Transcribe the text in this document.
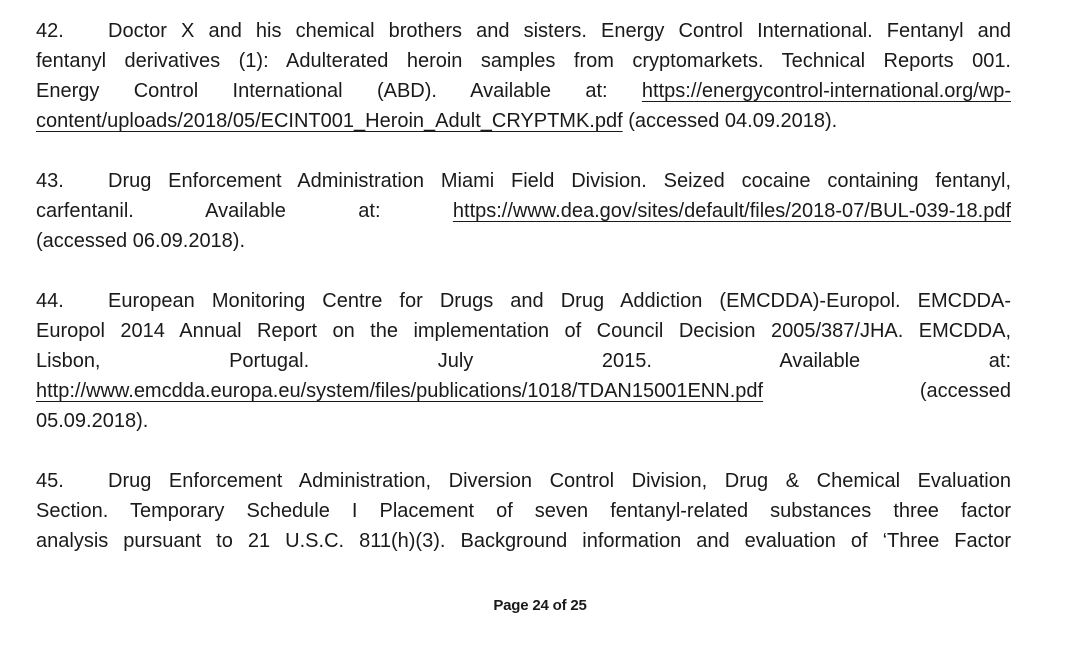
42. Doctor X and his chemical brothers and sisters. Energy Control International. Fentanyl and
fentanyl derivatives (1): Adulterated heroin samples from cryptomarkets. Technical Reports 001.
Energy Control International (ABD). Available at: https://energycontrol-international.org/wp-
content/uploads/2018/05/ECINT001_Heroin_Adult_CRYPTMK.pdf (accessed 04.09.2018).
43. Drug Enforcement Administration Miami Field Division. Seized cocaine containing fentanyl,
carfentanil. Available at:	https://www.dea.gov/sites/default/files/2018-07/BUL-039-18.pdf
(accessed 06.09.2018).
44. European Monitoring Centre for Drugs and Drug Addiction (EMCDDA)-Europol. EMCDDA-
Europol 2014 Annual Report on the implementation of Council Decision 2005/387/JHA. EMCDDA,
Lisbon, Portugal. July 2015. Available at:
http://www.emcdda.europa.eu/system/files/publications/1018/TDAN15001ENN.pdf	(accessed
05.09.2018).
45. Drug Enforcement Administration, Diversion Control Division, Drug & Chemical Evaluation
Section. Temporary Schedule I Placement of seven fentanyl-related substances three factor
analysis pursuant to 21 U.S.C. 811(h)(3). Background information and evaluation of ‘Three Factor
Page 24 of 25
